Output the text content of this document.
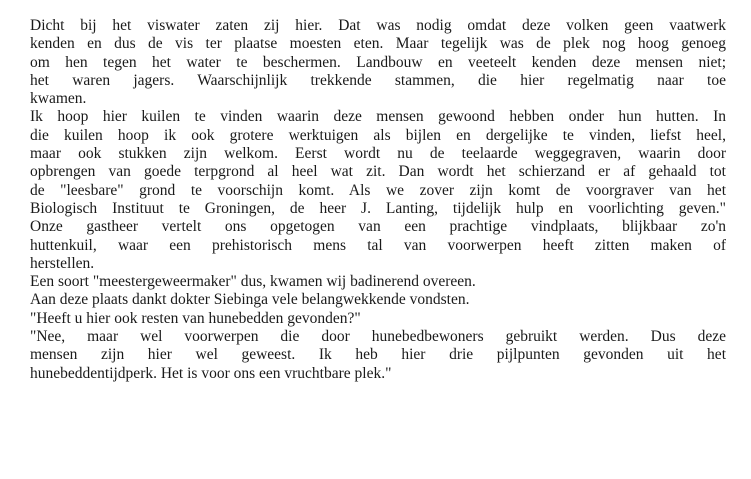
Dicht bij het viswater zaten zij hier. Dat was nodig omdat deze volken geen vaatwerk
kenden en dus de vis ter plaatse moesten eten. Maar tegelijk was de plek nog hoog genoeg
om hen tegen het water te beschermen. Landbouw en veeteelt kenden deze mensen niet;
het waren jagers. Waarschijnlijk trekkende stammen, die hier regelmatig naar toe
kwamen.
Ik hoop hier kuilen te vinden waarin deze mensen gewoond hebben onder hun hutten. In
die kuilen hoop ik ook grotere werktuigen als bijlen en dergelijke te vinden, liefst heel,
maar ook stukken zijn welkom. Eerst wordt nu de teelaarde weggegraven, waarin door
opbrengen van goede terpgrond al heel wat zit. Dan wordt het schierzand er af gehaald tot
de "leesbare" grond te voorschijn komt. Als we zover zijn komt de voorgraver van het
Biologisch Instituut te Groningen, de heer J. Lanting, tijdelijk hulp en voorlichting geven."
Onze gastheer vertelt ons opgetogen van een prachtige vindplaats, blijkbaar zo'n
huttenkuil, waar een prehistorisch mens tal van voorwerpen heeft zitten maken of
herstellen.
Een soort "meestergeweermaker" dus, kwamen wij badinerend overeen.
Aan deze plaats dankt dokter Siebinga vele belangwekkende vondsten.
"Heeft u hier ook resten van hunebedden gevonden?"
"Nee, maar wel voorwerpen die door hunebedbewoners gebruikt werden. Dus deze
mensen zijn hier wel geweest. Ik heb hier drie pijlpunten gevonden uit het
hunebeddentijdperk. Het is voor ons een vruchtbare plek."
